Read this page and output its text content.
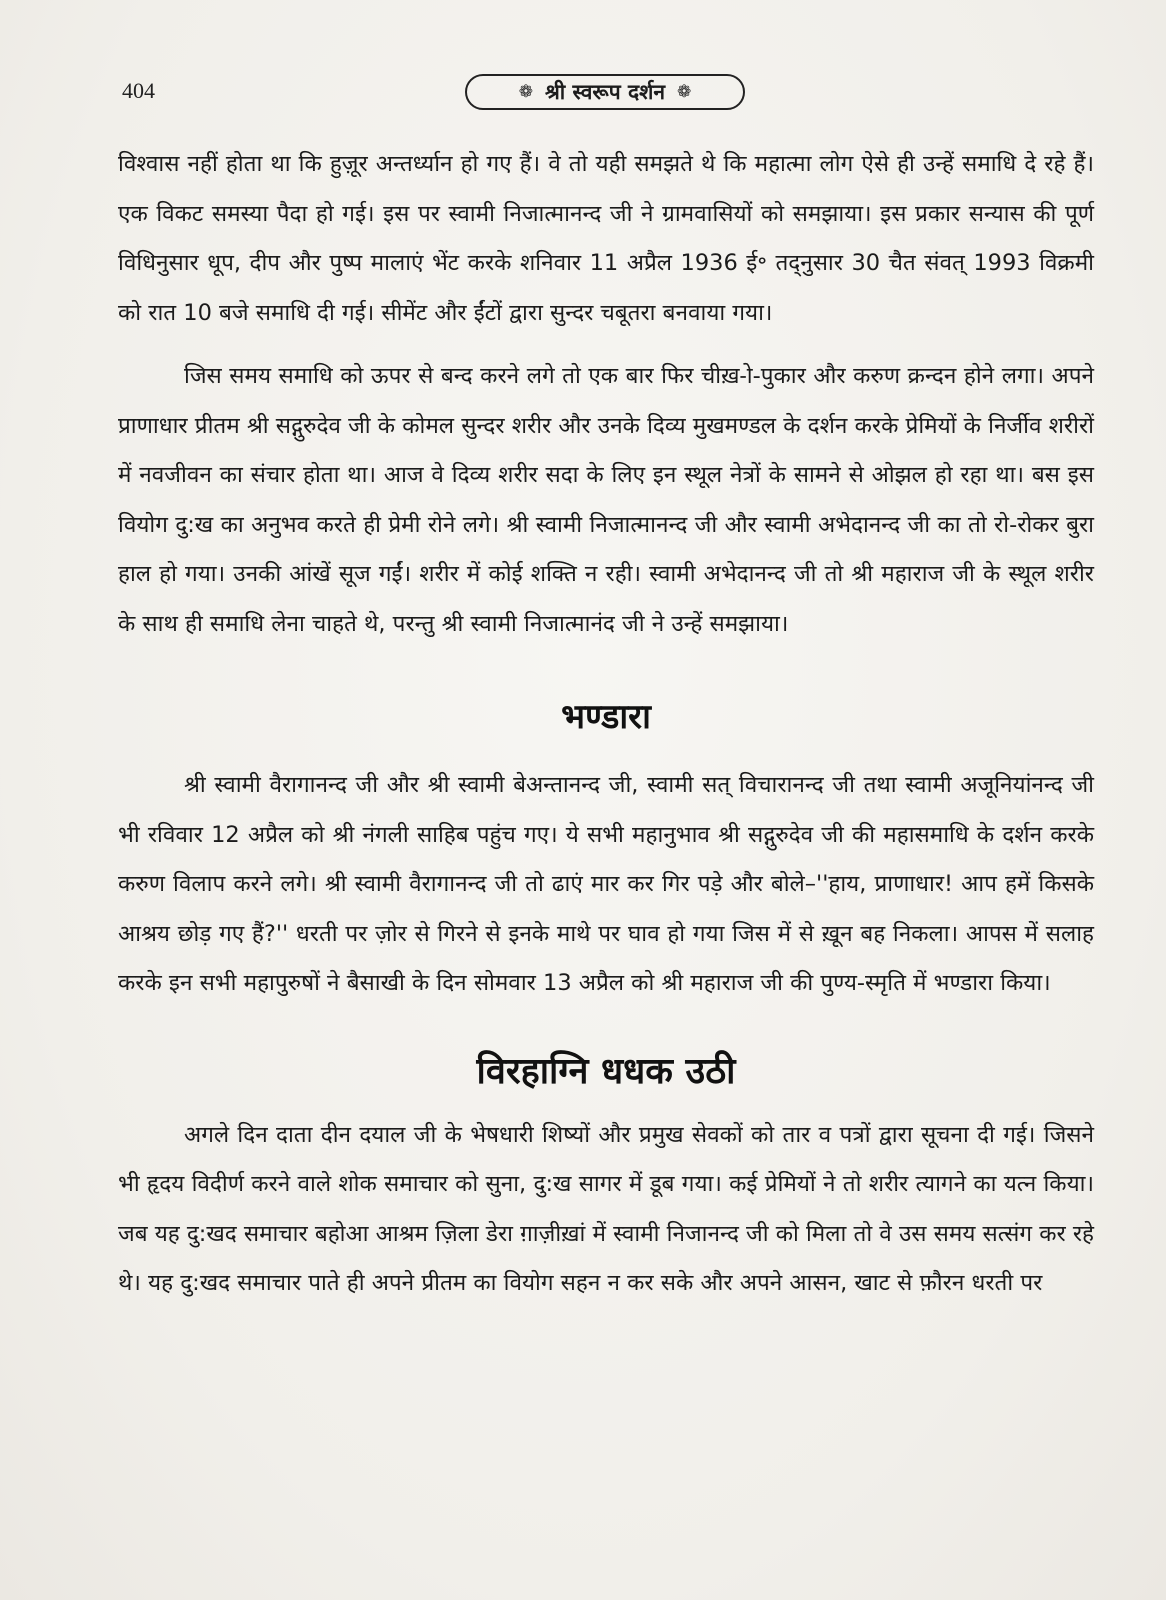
404	❁ श्री स्वरूप दर्शन ❁

विश्वास नहीं होता था कि हुज़ूर अन्तर्ध्यान हो गए हैं। वे तो यही समझते थे कि महात्मा लोग ऐसे ही उन्हें समाधि दे रहे हैं। एक विकट समस्या पैदा हो गई। इस पर स्वामी निजात्मानन्द जी ने ग्रामवासियों को समझाया। इस प्रकार सन्यास की पूर्ण विधिनुसार धूप, दीप और पुष्प मालाएं भेंट करके शनिवार 11 अप्रैल 1936 ई॰ तद्नुसार 30 चैत संवत् 1993 विक्रमी को रात 10 बजे समाधि दी गई। सीमेंट और ईंटों द्वारा सुन्दर चबूतरा बनवाया गया।

जिस समय समाधि को ऊपर से बन्द करने लगे तो एक बार फिर चीख़-ो-पुकार और करुण क्रन्दन होने लगा। अपने प्राणाधार प्रीतम श्री सद्गुरुदेव जी के कोमल सुन्दर शरीर और उनके दिव्य मुखमण्डल के दर्शन करके प्रेमियों के निर्जीव शरीरों में नवजीवन का संचार होता था। आज वे दिव्य शरीर सदा के लिए इन स्थूल नेत्रों के सामने से ओझल हो रहा था। बस इस वियोग दु:ख का अनुभव करते ही प्रेमी रोने लगे। श्री स्वामी निजात्मानन्द जी और स्वामी अभेदानन्द जी का तो रो-रोकर बुरा हाल हो गया। उनकी आंखें सूज गईं। शरीर में कोई शक्ति न रही। स्वामी अभेदानन्द जी तो श्री महाराज जी के स्थूल शरीर के साथ ही समाधि लेना चाहते थे, परन्तु श्री स्वामी निजात्मानंद जी ने उन्हें समझाया।

भण्डारा

श्री स्वामी वैरागानन्द जी और श्री स्वामी बेअन्तानन्द जी, स्वामी सत् विचारानन्द जी तथा स्वामी अजूनियांनन्द जी भी रविवार 12 अप्रैल को श्री नंगली साहिब पहुंच गए। ये सभी महानुभाव श्री सद्गुरुदेव जी की महासमाधि के दर्शन करके करुण विलाप करने लगे। श्री स्वामी वैरागानन्द जी तो ढाएं मार कर गिर पड़े और बोले–''हाय, प्राणाधार! आप हमें किसके आश्रय छोड़ गए हैं?'' धरती पर ज़ोर से गिरने से इनके माथे पर घाव हो गया जिस में से ख़ून बह निकला। आपस में सलाह करके इन सभी महापुरुषों ने बैसाखी के दिन सोमवार 13 अप्रैल को श्री महाराज जी की पुण्य-स्मृति में भण्डारा किया।

विरहाग्नि धधक उठी

अगले दिन दाता दीन दयाल जी के भेषधारी शिष्यों और प्रमुख सेवकों को तार व पत्रों द्वारा सूचना दी गई। जिसने भी हृदय विदीर्ण करने वाले शोक समाचार को सुना, दु:ख सागर में डूब गया। कई प्रेमियों ने तो शरीर त्यागने का यत्न किया। जब यह दु:खद समाचार बहोआ आश्रम ज़िला डेरा ग़ाज़ीख़ां में स्वामी निजानन्द जी को मिला तो वे उस समय सत्संग कर रहे थे। यह दु:खद समाचार पाते ही अपने प्रीतम का वियोग सहन न कर सके और अपने आसन, खाट से फ़ौरन धरती पर
